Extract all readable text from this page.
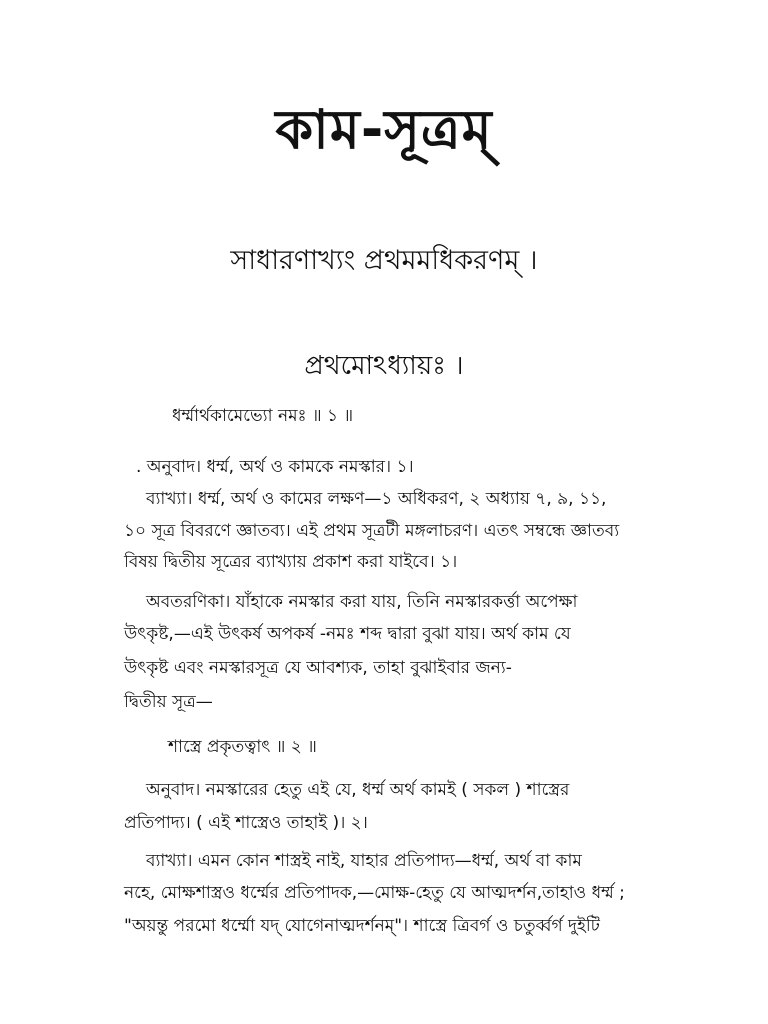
কাম-সূত্রম্
সাধারণাখ্যং প্রথমমধিকরণম্ ।
প্রথমোঽধ্যায়ঃ ।
ধর্ম্মার্থকামেভ্যো নমঃ ॥ ১ ॥
. অনুবাদ। ধর্ম্ম, অর্থ ও কামকে নমস্কার। ১।
ব্যাখ্যা। ধর্ম্ম, অর্থ ও কামের লক্ষণ—১ অধিকরণ, ২ অধ্যায় ৭, ৯, ১১,
১০ সূত্র বিবরণে জ্ঞাতব্য। এই প্রথম সূত্রটী মঙ্গলাচরণ। এতৎ সম্বন্ধে জ্ঞাতব্য
বিষয় দ্বিতীয় সূত্রের ব্যাখ্যায় প্রকাশ করা যাইবে। ১।
অবতরণিকা। যাঁহাকে নমস্কার করা যায়, তিনি নমস্কারকর্ত্তা অপেক্ষা
উৎকৃষ্ট,—এই উৎকর্ষ অপকর্ষ -নমঃ শব্দ দ্বারা বুঝা যায়। অর্থ কাম যে
উৎকৃষ্ট এবং নমস্কারসূত্র যে আবশ্যক, তাহা বুঝাইবার জন্য-
দ্বিতীয় সূত্র—
শাস্ত্রে প্রকৃতত্বাৎ ॥ ২ ॥
অনুবাদ। নমস্কারের হেতু এই যে, ধর্ম্ম অর্থ কামই ( সকল ) শাস্ত্রের
প্রতিপাদ্য। ( এই শাস্ত্রেও তাহাই )। ২।
ব্যাখ্যা। এমন কোন শাস্ত্রই নাই, যাহার প্রতিপাদ্য—ধর্ম্ম, অর্থ বা কাম
নহে, মোক্ষশাস্ত্রও ধর্ম্মের প্রতিপাদক,—মোক্ষ-হেতু যে আত্মদর্শন,তাহাও ধর্ম্ম ;
"অয়ন্তু পরমো ধর্ম্মো যদ্ যোগেনাত্মদর্শনম্"। শাস্ত্রে ত্রিবর্গ ও চতুর্ব্বর্গ দুইটি
